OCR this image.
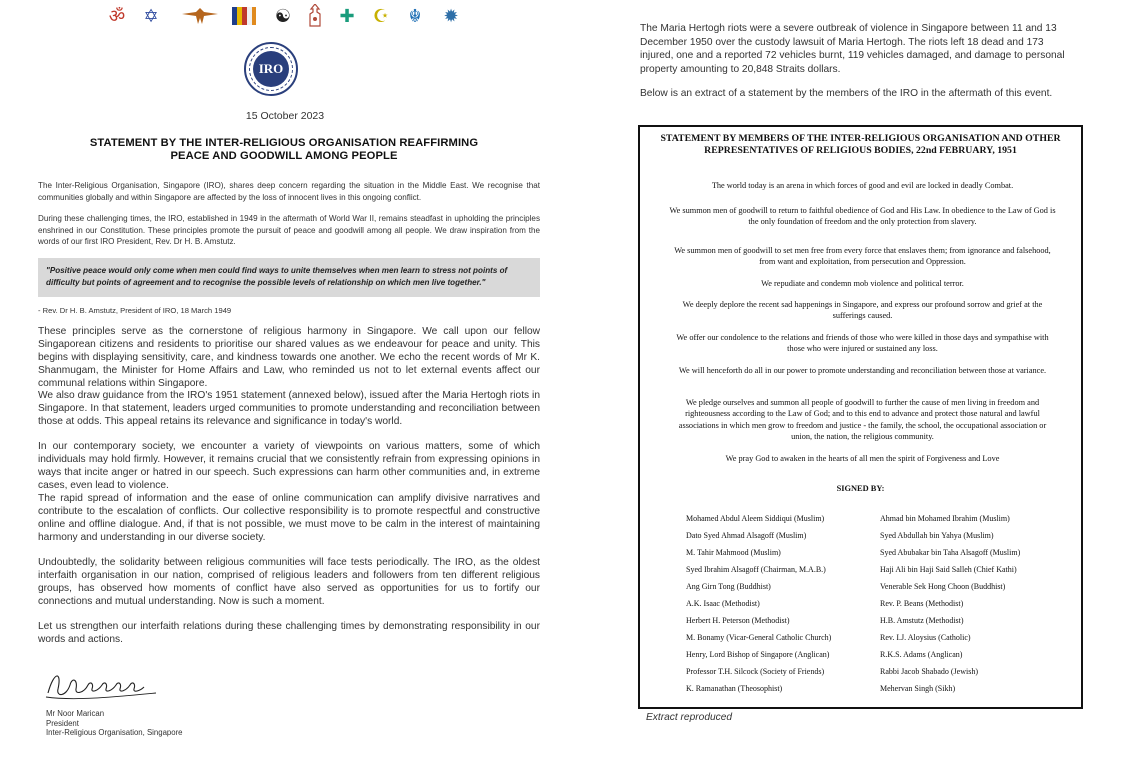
ॐ ✡	☯	✚ ☪ ☬ ✹
IRO
15 October 2023
STATEMENT BY THE INTER-RELIGIOUS ORGANISATION REAFFIRMING PEACE AND GOODWILL AMONG PEOPLE
The Inter-Religious Organisation, Singapore (IRO), shares deep concern regarding the situation in the Middle East. We recognise that communities globally and within Singapore are affected by the loss of innocent lives in this ongoing conflict.
During these challenging times, the IRO, established in 1949 in the aftermath of World War II, remains steadfast in upholding the principles enshrined in our Constitution. These principles promote the pursuit of peace and goodwill among all people. We draw inspiration from the words of our first IRO President, Rev. Dr H. B. Amstutz.
"Positive peace would only come when men could find ways to unite themselves when men learn to stress not points of difficulty but points of agreement and to recognise the possible levels of relationship on which men live together."
- Rev. Dr H. B. Amstutz, President of IRO, 18 March 1949
These principles serve as the cornerstone of religious harmony in Singapore. We call upon our fellow Singaporean citizens and residents to prioritise our shared values as we endeavour for peace and unity. This begins with displaying sensitivity, care, and kindness towards one another. We echo the recent words of Mr K. Shanmugam, the Minister for Home Affairs and Law, who reminded us not to let external events affect our communal relations within Singapore.
We also draw guidance from the IRO's 1951 statement (annexed below), issued after the Maria Hertogh riots in Singapore. In that statement, leaders urged communities to promote understanding and reconciliation between those at odds. This appeal retains its relevance and significance in today's world.
In our contemporary society, we encounter a variety of viewpoints on various matters, some of which individuals may hold firmly. However, it remains crucial that we consistently refrain from expressing opinions in ways that incite anger or hatred in our speech. Such expressions can harm other communities and, in extreme cases, even lead to violence.
The rapid spread of information and the ease of online communication can amplify divisive narratives and contribute to the escalation of conflicts. Our collective responsibility is to promote respectful and constructive online and offline dialogue. And, if that is not possible, we must move to be calm in the interest of maintaining harmony and understanding in our diverse society.
Undoubtedly, the solidarity between religious communities will face tests periodically. The IRO, as the oldest interfaith organisation in our nation, comprised of religious leaders and followers from ten different religious groups, has observed how moments of conflict have also served as opportunities for us to fortify our connections and mutual understanding. Now is such a moment.
Let us strengthen our interfaith relations during these challenging times by demonstrating responsibility in our words and actions.
Mr Noor Marican
President
Inter-Religious Organisation, Singapore
The Maria Hertogh riots were a severe outbreak of violence in Singapore between 11 and 13 December 1950 over the custody lawsuit of Maria Hertogh. The riots left 18 dead and 173 injured, one and a reported 72 vehicles burnt, 119 vehicles damaged, and damage to personal property amounting to 20,848 Straits dollars.
Below is an extract of a statement by the members of the IRO in the aftermath of this event.
STATEMENT BY MEMBERS OF THE INTER-RELIGIOUS ORGANISATION AND OTHER REPRESENTATIVES OF RELIGIOUS BODIES, 22nd FEBRUARY, 1951
The world today is an arena in which forces of good and evil are locked in deadly Combat.
We summon men of goodwill to return to faithful obedience of God and His Law. In obedience to the Law of God is the only foundation of freedom and the only protection from slavery.
We summon men of goodwill to set men free from every force that enslaves them; from ignorance and falsehood, from want and exploitation, from persecution and Oppression.
We repudiate and condemn mob violence and political terror.
We deeply deplore the recent sad happenings in Singapore, and express our profound sorrow and grief at the sufferings caused.
We offer our condolence to the relations and friends of those who were killed in those days and sympathise with those who were injured or sustained any loss.
We will henceforth do all in our power to promote understanding and reconciliation between those at variance.
We pledge ourselves and summon all people of goodwill to further the cause of men living in freedom and righteousness according to the Law of God; and to this end to advance and protect those natural and lawful associations in which men grow to freedom and justice - the family, the school, the occupational association or union, the nation, the religious community.
We pray God to awaken in the hearts of all men the spirit of Forgiveness and Love
SIGNED BY:
Mohamed Abdul Aleem Siddiqui (Muslim)
Dato Syed Ahmad Alsagoff (Muslim)
M. Tahir Mahmood (Muslim)
Syed Ibrahim Alsagoff (Chairman, M.A.B.)
Ang Girn Tong (Buddhist)
A.K. Isaac (Methodist)
Herbert H. Peterson (Methodist)
M. Bonamy (Vicar-General Catholic Church)
Henry, Lord Bishop of Singapore (Anglican)
Professor T.H. Silcock (Society of Friends)
K. Ramanathan (Theosophist)
Ahmad bin Mohamed Ibrahim (Muslim)
Syed Abdullah bin Yahya (Muslim)
Syed Abubakar bin Taha Alsagoff (Muslim)
Haji Ali bin Haji Said Salleh (Chief Kathi)
Venerable Sek Hong Choon (Buddhist)
Rev. P. Beans (Methodist)
H.B. Amstutz (Methodist)
Rev. I.J. Aloysius (Catholic)
R.K.S. Adams (Anglican)
Rabbi Jacob Shabado (Jewish)
Mehervan Singh (Sikh)
Extract reproduced
